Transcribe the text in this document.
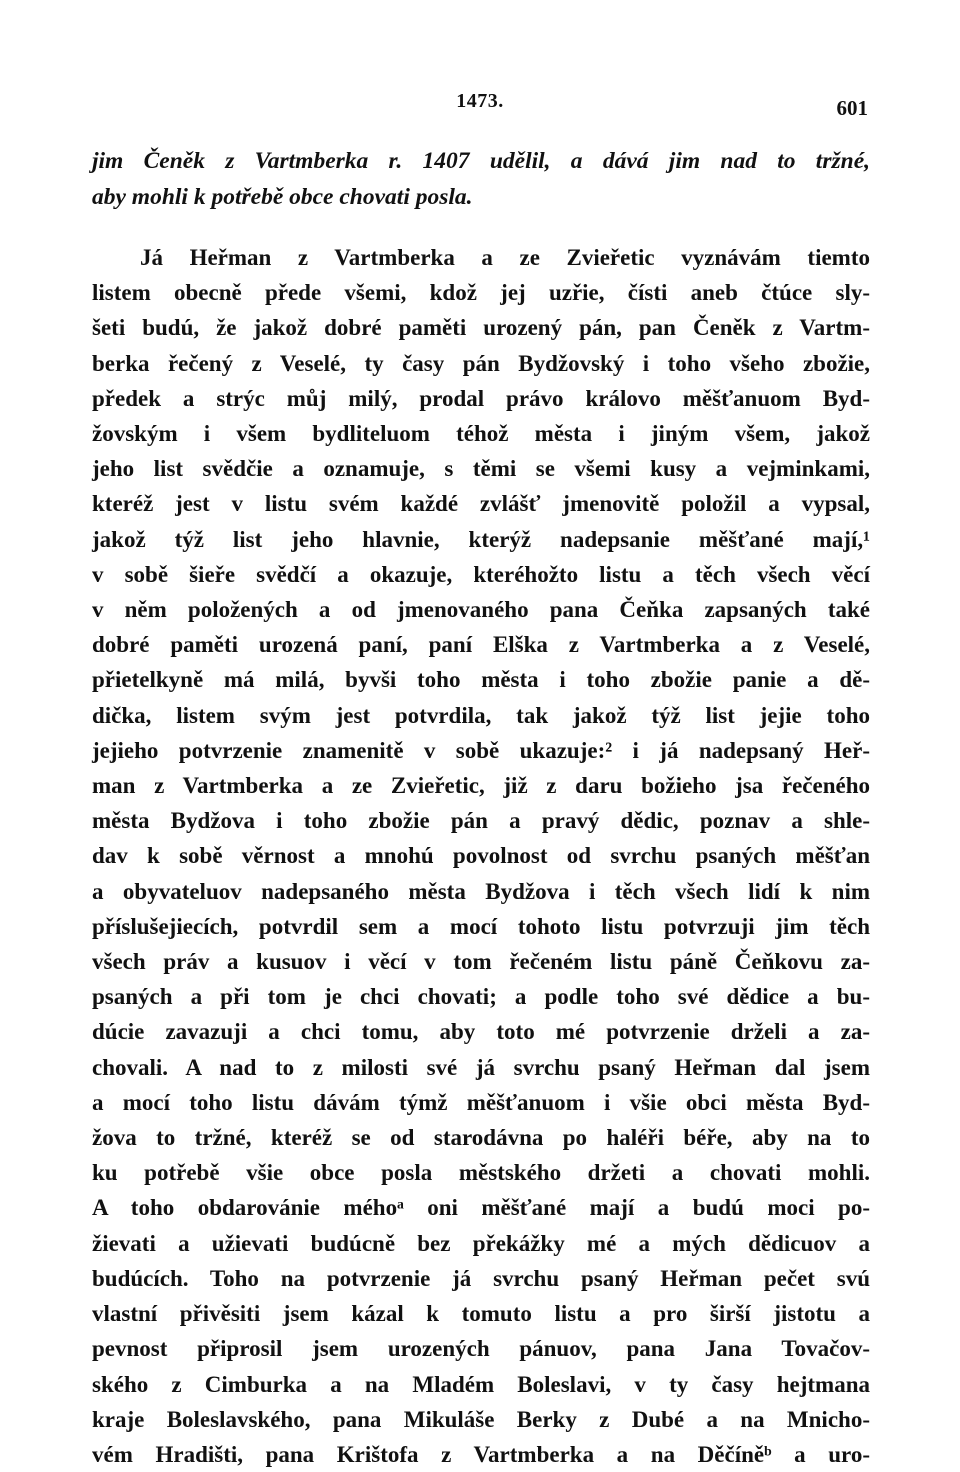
1473.	601
jim Čeněk z Vartmberka r. 1407 udělil, a dává jim nad to tržné,
aby mohli k potřebě obce chovati posla.
Já Heřman z Vartmberka a ze Zvieřetic vyznávám tiemto
listem obecně přede všemi, kdož jej uzřie, čísti aneb čtúce sly-
šeti budú, že jakož dobré paměti urozený pán, pan Čeněk z Vartm-
berka řečený z Veselé, ty časy pán Bydžovský i toho všeho zbožie,
předek a strýc můj milý, prodal právo královo měšťanuom Byd-
žovským i všem bydliteluom téhož města i jiným všem, jakož
jeho list svědčie a oznamuje, s těmi se všemi kusy a vejminkami,
kteréž jest v listu svém každé zvlášť jmenovitě položil a vypsal,
jakož týž list jeho hlavnie, kterýž nadepsanie měšťané mají,¹
v sobě šieře svědčí a okazuje, kteréhožto listu a těch všech věcí
v něm položených a od jmenovaného pana Čeňka zapsaných také
dobré paměti urozená paní, paní Elška z Vartmberka a z Veselé,
přietelkyně má milá, byvši toho města i toho zbožie panie a dě-
dička, listem svým jest potvrdila, tak jakož týž list jejie toho
jejieho potvrzenie znamenitě v sobě ukazuje:² i já nadepsaný Heř-
man z Vartmberka a ze Zvieřetic, již z daru božieho jsa řečeného
města Bydžova i toho zbožie pán a pravý dědic, poznav a shle-
dav k sobě věrnost a mnohú povolnost od svrchu psaných měšťan
a obyvateluov nadepsaného města Bydžova i těch všech lidí k nim
příslušejiecích, potvrdil sem a mocí tohoto listu potvrzuji jim těch
všech práv a kusuov i věcí v tom řečeném listu páně Čeňkovu za-
psaných a při tom je chci chovati; a podle toho své dědice a bu-
dúcie zavazuji a chci tomu, aby toto mé potvrzenie drželi a za-
chovali. A nad to z milosti své já svrchu psaný Heřman dal jsem
a mocí toho listu dávám týmž měšťanuom i všie obci města Byd-
žova to tržné, kteréž se od starodávna po haléři béře, aby na to
ku potřebě všie obce posla městského držeti a chovati mohli.
A toho obdarovánie méhoᵃ oni měšťané mají a budú moci po-
žievati a užievati budúcně bez překážky mé a mých dědicuov a
budúcích. Toho na potvrzenie já svrchu psaný Heřman pečet svú
vlastní přivěsiti jsem kázal k tomuto listu a pro širší jistotu a
pevnost připrosil jsem urozených pánuov, pana Jana Tovačov-
ského z Cimburka a na Mladém Boleslavi, v ty časy hejtmana
kraje Boleslavského, pana Mikuláše Berky z Dubé a na Mnicho-
vém Hradišti, pana Krištofa z Vartmberka a na Děčíněᵇ a uro-
